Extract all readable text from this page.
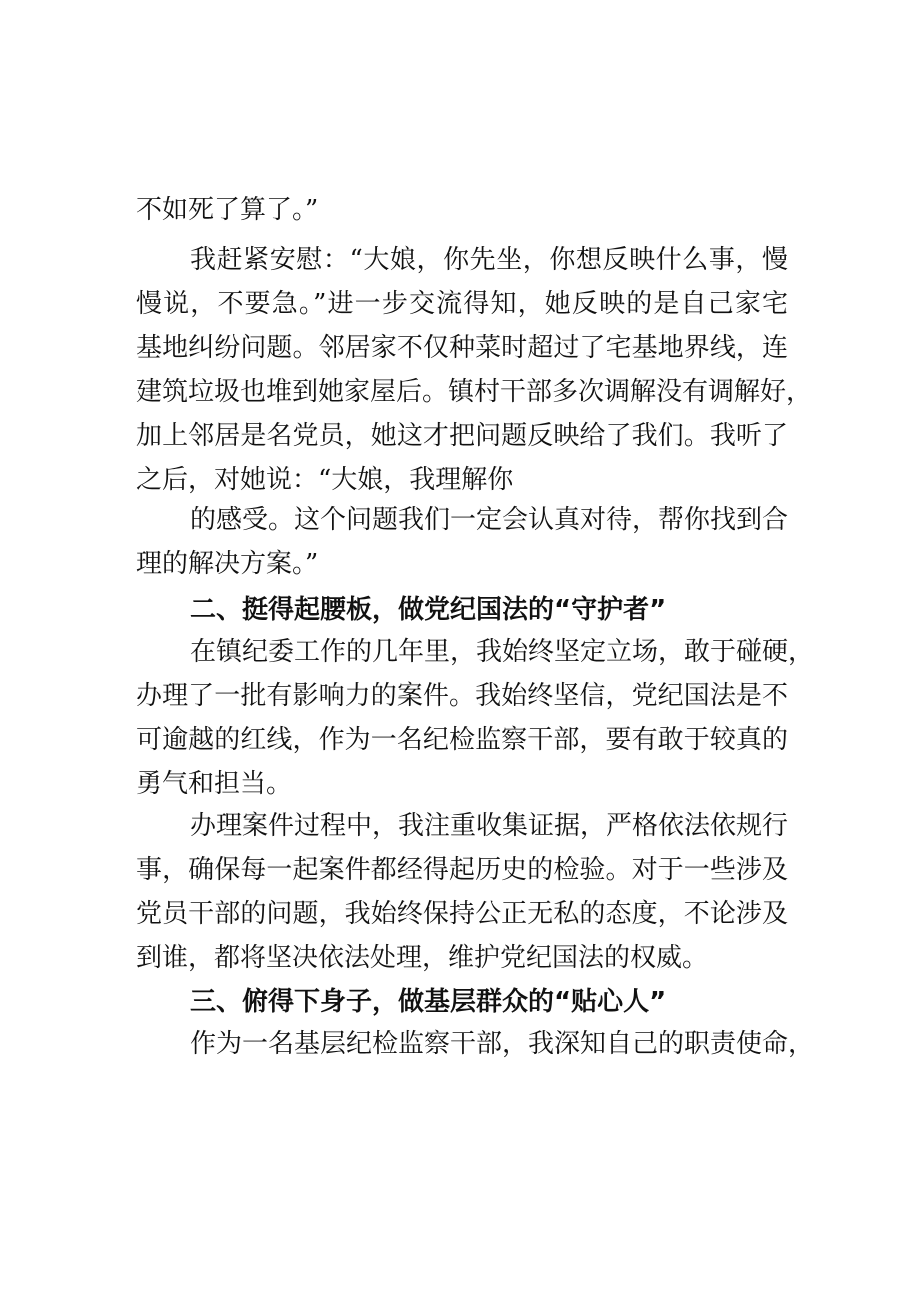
不如死了算了。”
我赶紧安慰：“大娘，你先坐，你想反映什么事，慢
慢说，不要急。”进一步交流得知，她反映的是自己家宅
基地纠纷问题。邻居家不仅种菜时超过了宅基地界线，连
建筑垃圾也堆到她家屋后。镇村干部多次调解没有调解好，
加上邻居是名党员，她这才把问题反映给了我们。我听了
之后，对她说：“大娘，我理解你
的感受。这个问题我们一定会认真对待，帮你找到合
理的解决方案。”
二、挺得起腰板，做党纪国法的“守护者”
在镇纪委工作的几年里，我始终坚定立场，敢于碰硬，
办理了一批有影响力的案件。我始终坚信，党纪国法是不
可逾越的红线，作为一名纪检监察干部，要有敢于较真的
勇气和担当。
办理案件过程中，我注重收集证据，严格依法依规行
事，确保每一起案件都经得起历史的检验。对于一些涉及
党员干部的问题，我始终保持公正无私的态度，不论涉及
到谁，都将坚决依法处理，维护党纪国法的权威。
三、俯得下身子，做基层群众的“贴心人”
作为一名基层纪检监察干部，我深知自己的职责使命，
